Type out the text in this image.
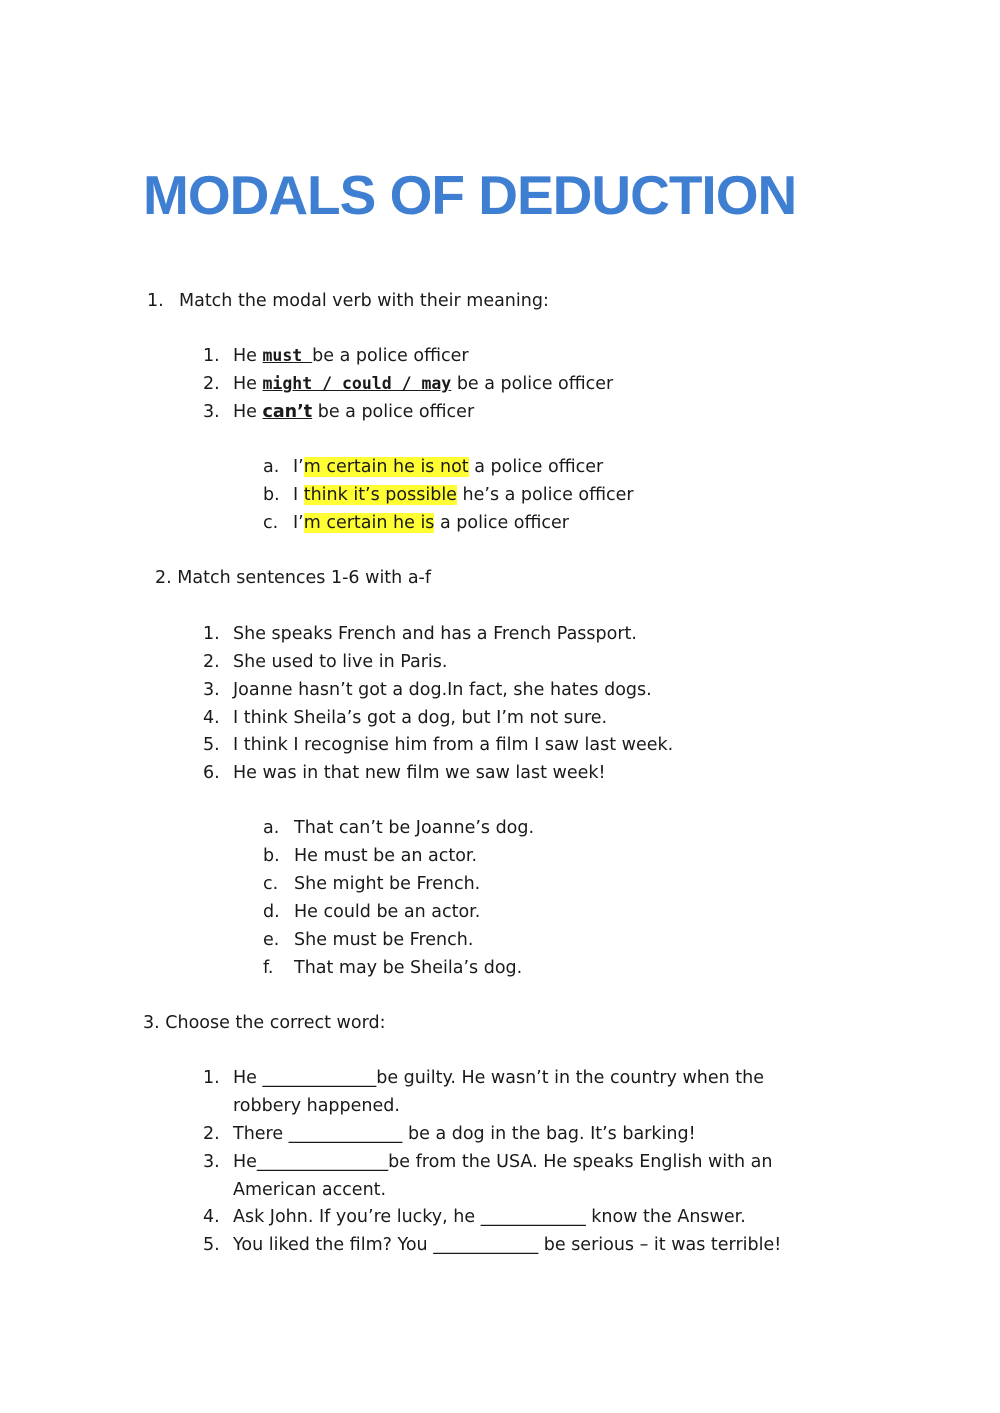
MODALS OF DEDUCTION
1. Match the modal verb with their meaning:
1. He must be a police officer
2. He might / could / may be a police officer
3. He can’t be a police officer
a. I’m certain he is not a police officer
b. I think it’s possible he’s a police officer
c. I’m certain he is a police officer
2. Match sentences 1-6 with a-f
1. She speaks French and has a French Passport.
2. She used to live in Paris.
3. Joanne hasn’t got a dog.In fact, she hates dogs.
4. I think Sheila’s got a dog, but I’m not sure.
5. I think I recognise him from a film I saw last week.
6. He was in that new film we saw last week!
a. That can’t be Joanne’s dog.
b. He must be an actor.
c. She might be French.
d. He could be an actor.
e. She must be French.
f. That may be Sheila’s dog.
3. Choose the correct word:
1. He _____________be guilty. He wasn’t in the country when the
robbery happened.
2. There _____________ be a dog in the bag. It’s barking!
3. He_______________be from the USA. He speaks English with an
American accent.
4. Ask John. If you’re lucky, he ____________ know the Answer.
5. You liked the film? You ____________ be serious – it was terrible!
